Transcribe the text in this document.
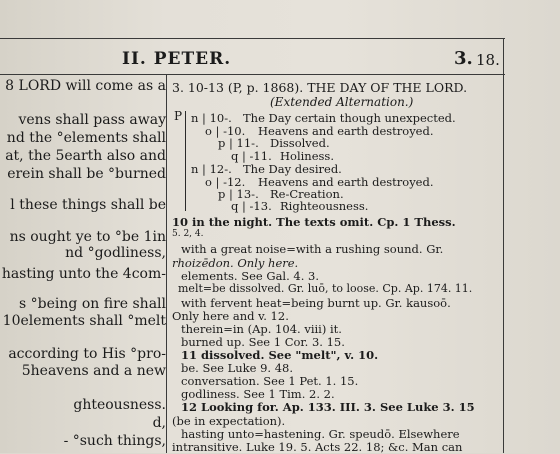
II. PETER.	3. 18.
8 LORD will come as a
vens shall pass away
nd the °elements shall
at, the 5earth also and
erein shall be °burned
l these things shall be
ns ought ye to °be 1in
nd °godliness,
hasting unto the 4com-
s °being on fire shall
10elements shall °melt
according to His °pro-
5heavens and a new
ghteousness.
d,
- °such things,
3. 10-13 (P, p. 1868). THE DAY OF THE LORD.
(Extended Alternation.)
P n | 10-. The Day certain though unexpected.
o | -10. Heavens and earth destroyed.
p | 11-. Dissolved.
q | -11. Holiness.
n | 12-. The Day desired.
o | -12. Heavens and earth destroyed.
p | 13-. Re-Creation.
q | -13. Righteousness.
10 in the night. The texts omit. Cp. 1 Thess.
5. 2, 4.
with a great noise=with a rushing sound. Gr.
rhoizēdon. Only here.
elements. See Gal. 4. 3.
melt=be dissolved. Gr. luō, to loose. Cp. Ap. 174. 11.
with fervent heat=being burnt up. Gr. kausoō.
Only here and v. 12.
therein=in (Ap. 104. viii) it.
burned up. See 1 Cor. 3. 15.
11 dissolved. See "melt", v. 10.
be. See Luke 9. 48.
conversation. See 1 Pet. 1. 15.
godliness. See 1 Tim. 2. 2.
12 Looking for. Ap. 133. III. 3. See Luke 3. 15
(be in expectation).
hasting unto=hastening. Gr. speudō. Elsewhere
intransitive. Luke 19. 5. Acts 22. 18; &c. Man can
